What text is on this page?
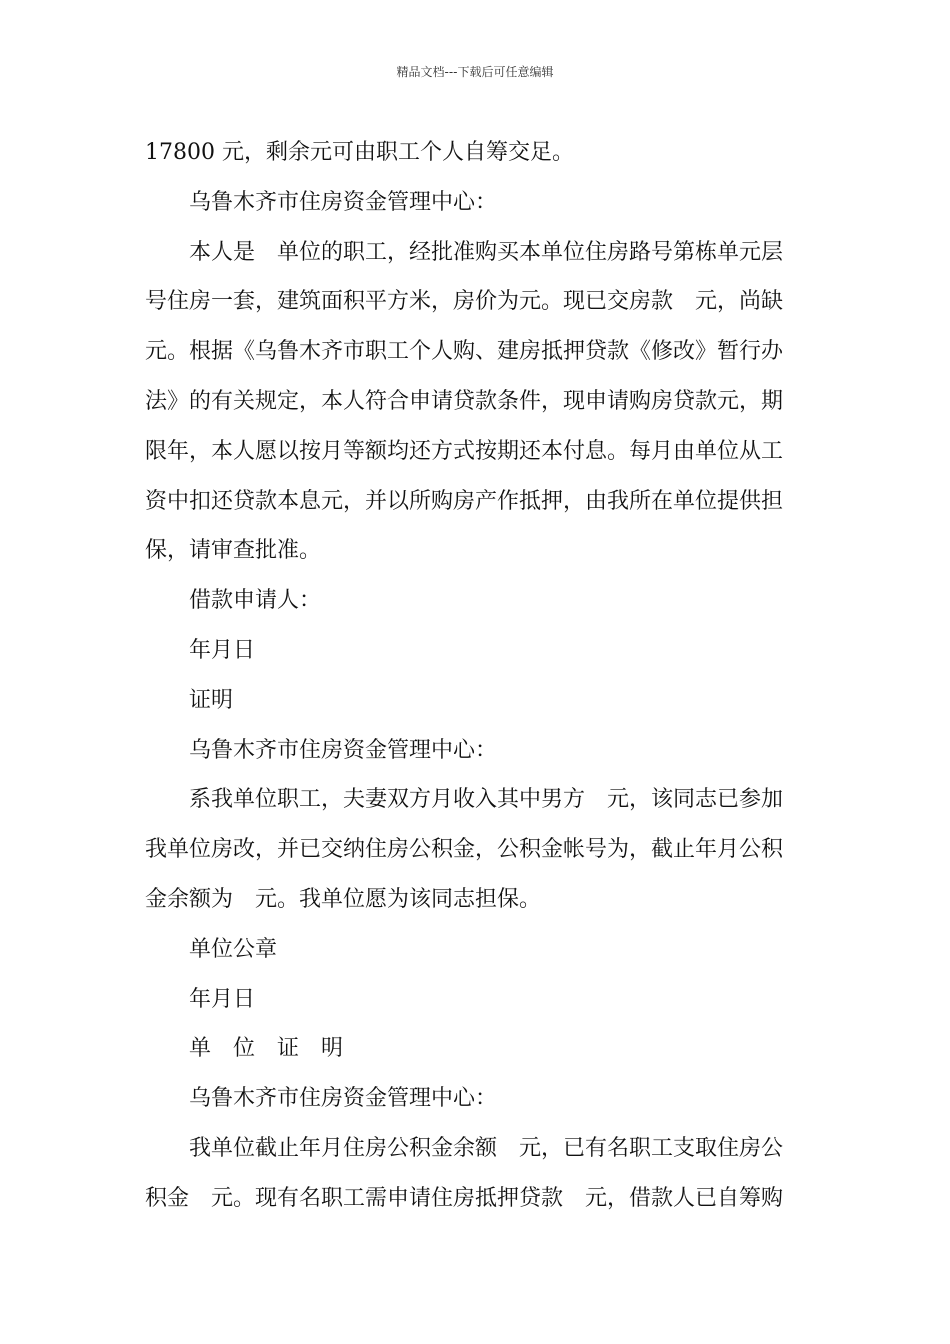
精品文档---下载后可任意编辑

17800 元，剩余元可由职工个人自筹交足。

乌鲁木齐市住房资金管理中心：

本人是　单位的职工，经批准购买本单位住房路号第栋单元层

号住房一套，建筑面积平方米，房价为元。现已交房款　元，尚缺

元。根据《乌鲁木齐市职工个人购、建房抵押贷款《修改》暂行办

法》的有关规定，本人符合申请贷款条件，现申请购房贷款元，期

限年，本人愿以按月等额均还方式按期还本付息。每月由单位从工

资中扣还贷款本息元，并以所购房产作抵押，由我所在单位提供担

保，请审查批准。

借款申请人：

年月日

证明

乌鲁木齐市住房资金管理中心：

系我单位职工，夫妻双方月收入其中男方　元，该同志已参加

我单位房改，并已交纳住房公积金，公积金帐号为，截止年月公积

金余额为　元。我单位愿为该同志担保。

单位公章

年月日

单　位　证　明

乌鲁木齐市住房资金管理中心：

我单位截止年月住房公积金余额　元，已有名职工支取住房公

积金　元。现有名职工需申请住房抵押贷款　元，借款人已自筹购
